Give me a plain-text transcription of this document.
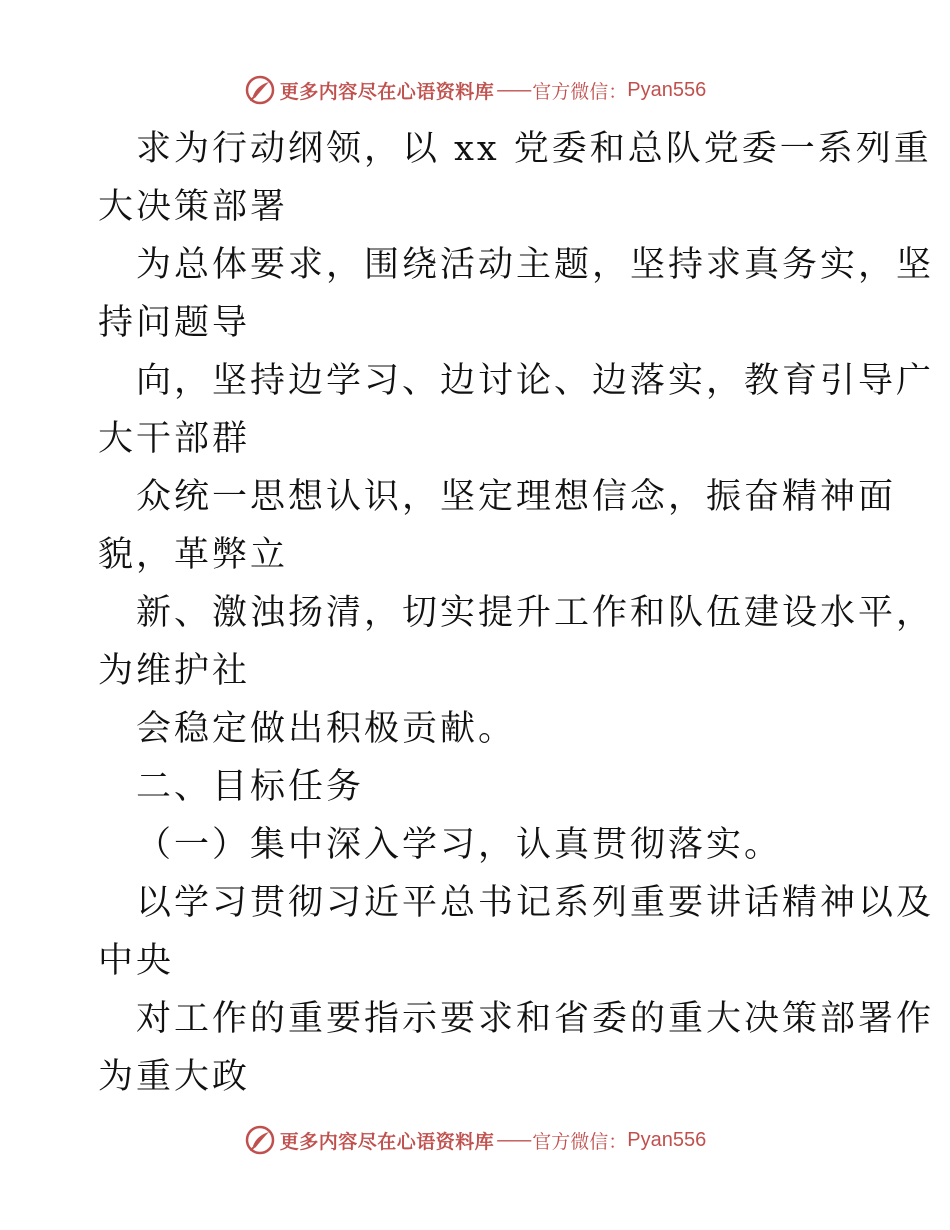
更多内容尽在心语资料库 —— 官方微信： Pyan556
求为行动纲领，以 xx 党委和总队党委一系列重
大决策部署
为总体要求，围绕活动主题，坚持求真务实，坚
持问题导
向，坚持边学习、边讨论、边落实，教育引导广
大干部群
众统一思想认识，坚定理想信念，振奋精神面
貌，革弊立
新、激浊扬清，切实提升工作和队伍建设水平，
为维护社
会稳定做出积极贡献。
二、目标任务
（一）集中深入学习，认真贯彻落实。
以学习贯彻习近平总书记系列重要讲话精神以及
中央
对工作的重要指示要求和省委的重大决策部署作
为重大政
更多内容尽在心语资料库 —— 官方微信： Pyan556
